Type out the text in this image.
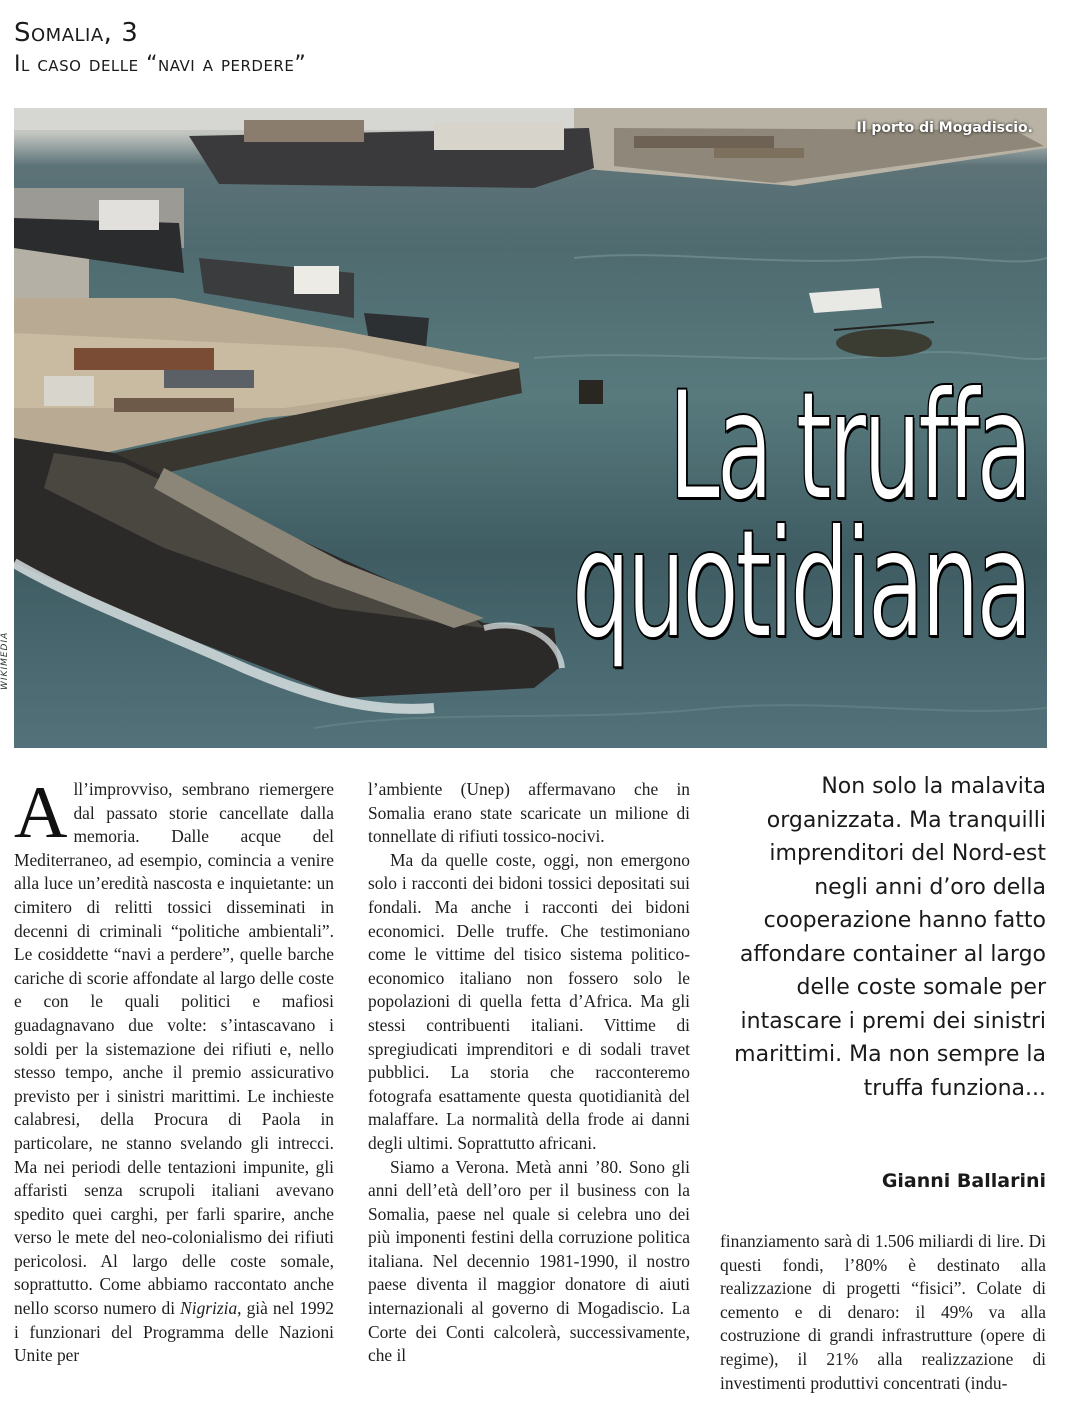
Somalia, 3
Il caso delle “navi a perdere”
Il porto di Mogadiscio.
La truffa
quotidiana
WIKIMEDIA

All’improvviso, sembrano riemergere dal passato storie cancellate dalla memoria. Dalle acque del Mediterraneo, ad esempio, comincia a venire alla luce un’eredità nascosta e inquietante: un cimitero di relitti tossici disseminati in decenni di criminali “politiche ambientali”. Le cosiddette “navi a perdere”, quelle barche cariche di scorie affondate al largo delle coste e con le quali politici e mafiosi guadagnavano due volte: s’intascavano i soldi per la sistemazione dei rifiuti e, nello stesso tempo, anche il premio assicurativo previsto per i sinistri marittimi. Le inchieste calabresi, della Procura di Paola in particolare, ne stanno svelando gli intrecci. Ma nei periodi delle tentazioni impunite, gli affaristi senza scrupoli italiani avevano spedito quei carghi, per farli sparire, anche verso le mete del neo-colonialismo dei rifiuti pericolosi. Al largo delle coste somale, soprattutto. Come abbiamo raccontato anche nello scorso numero di Nigrizia, già nel 1992 i funzionari del Programma delle Nazioni Unite per

l’ambiente (Unep) affermavano che in Somalia erano state scaricate un milione di tonnellate di rifiuti tossico-nocivi.

Ma da quelle coste, oggi, non emergono solo i racconti dei bidoni tossici depositati sui fondali. Ma anche i racconti dei bidoni economici. Delle truffe. Che testimoniano come le vittime del tisico sistema politico-economico italiano non fossero solo le popolazioni di quella fetta d’Africa. Ma gli stessi contribuenti italiani. Vittime di spregiudicati imprenditori e di sodali travet pubblici. La storia che racconteremo fotografa esattamente questa quotidianità del malaffare. La normalità della frode ai danni degli ultimi. Soprattutto africani.

Siamo a Verona. Metà anni ’80. Sono gli anni dell’età dell’oro per il business con la Somalia, paese nel quale si celebra uno dei più imponenti festini della corruzione politica italiana. Nel decennio 1981-1990, il nostro paese diventa il maggior donatore di aiuti internazionali al governo di Mogadiscio. La Corte dei Conti calcolerà, successivamente, che il

Non solo la malavita organizzata. Ma tranquilli imprenditori del Nord-est negli anni d’oro della cooperazione hanno fatto affondare container al largo delle coste somale per intascare i premi dei sinistri marittimi. Ma non sempre la truffa funziona...
Gianni Ballarini

finanziamento sarà di 1.506 miliardi di lire. Di questi fondi, l’80% è destinato alla realizzazione di progetti “fisici”. Colate di cemento e di denaro: il 49% va alla costruzione di grandi infrastrutture (opere di regime), il 21% alla realizzazione di investimenti produttivi concentrati (indu-
